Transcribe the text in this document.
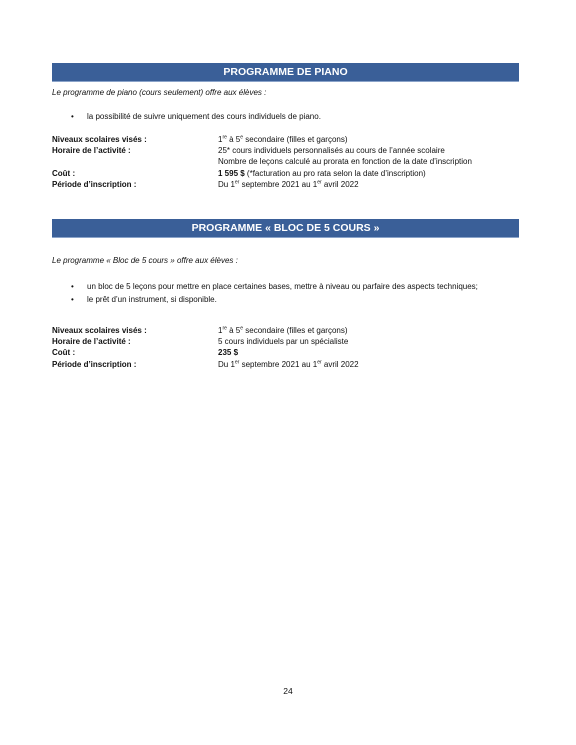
PROGRAMME DE PIANO
Le programme de piano (cours seulement) offre aux élèves :
• la possibilité de suivre uniquement des cours individuels de piano.
Niveaux scolaires visés :	1re à 5e secondaire (filles et garçons)
Horaire de l’activité :	25* cours individuels personnalisés au cours de l’année scolaire
Nombre de leçons calculé au prorata en fonction de la date d’inscription
Coût :	1 595 $ (*facturation au pro rata selon la date d’inscription)
Période d’inscription :	Du 1er septembre 2021 au 1er avril 2022
PROGRAMME « BLOC DE 5 COURS »
Le programme « Bloc de 5 cours » offre aux élèves :
• un bloc de 5 leçons pour mettre en place certaines bases, mettre à niveau ou parfaire des aspects techniques;
• le prêt d’un instrument, si disponible.
Niveaux scolaires visés :	1re à 5e secondaire (filles et garçons)
Horaire de l’activité :	5 cours individuels par un spécialiste
Coût :	235 $
Période d’inscription :	Du 1er septembre 2021 au 1er avril 2022
24
